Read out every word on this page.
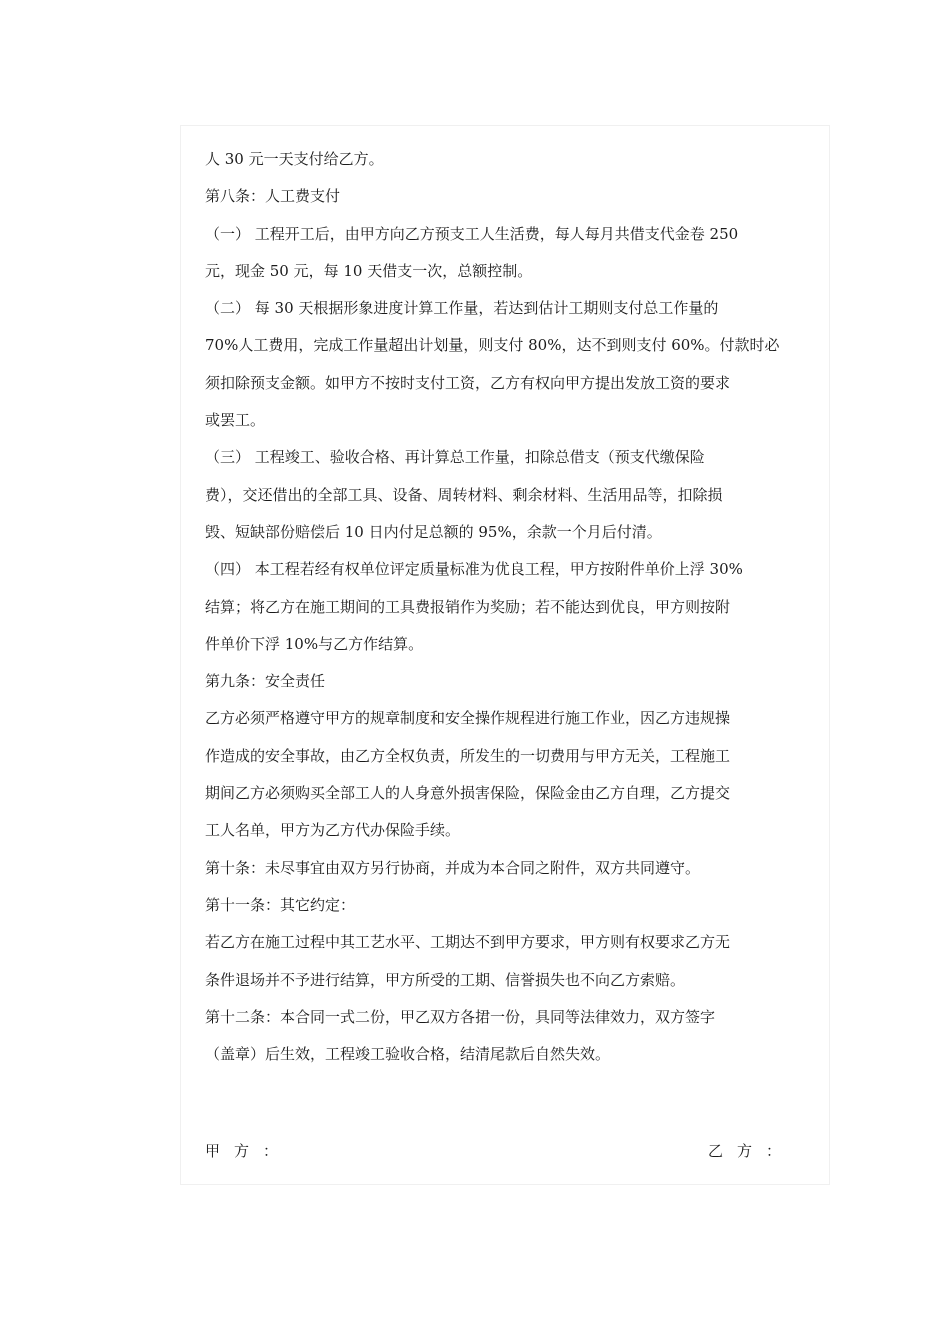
人 30 元一天支付给乙方。
第八条：人工费支付
（一） 工程开工后，由甲方向乙方预支工人生活费，每人每月共借支代金卷 250
元，现金 50 元，每 10 天借支一次，总额控制。
（二） 每 30 天根据形象进度计算工作量，若达到估计工期则支付总工作量的
70%人工费用，完成工作量超出计划量，则支付 80%，达不到则支付 60%。付款时必
须扣除预支金额。如甲方不按时支付工资，乙方有权向甲方提出发放工资的要求
或罢工。
（三） 工程竣工、验收合格、再计算总工作量，扣除总借支（预支代缴保险
费），交还借出的全部工具、设备、周转材料、剩余材料、生活用品等，扣除损
毁、短缺部份赔偿后 10 日内付足总额的 95%，余款一个月后付清。
（四） 本工程若经有权单位评定质量标准为优良工程，甲方按附件单价上浮 30%
结算；将乙方在施工期间的工具费报销作为奖励；若不能达到优良，甲方则按附
件单价下浮 10%与乙方作结算。
第九条：安全责任
乙方必须严格遵守甲方的规章制度和安全操作规程进行施工作业，因乙方违规操
作造成的安全事故，由乙方全权负责，所发生的一切费用与甲方无关，工程施工
期间乙方必须购买全部工人的人身意外损害保险，保险金由乙方自理，乙方提交
工人名单，甲方为乙方代办保险手续。
第十条：未尽事宜由双方另行协商，并成为本合同之附件，双方共同遵守。
第十一条：其它约定：
若乙方在施工过程中其工艺水平、工期达不到甲方要求，甲方则有权要求乙方无
条件退场并不予进行结算，甲方所受的工期、信誉损失也不向乙方索赔。
第十二条：本合同一式二份，甲乙双方各捃一份，具同等法律效力，双方签字
（盖章）后生效，工程竣工验收合格，结清尾款后自然失效。
甲方：	乙方：
